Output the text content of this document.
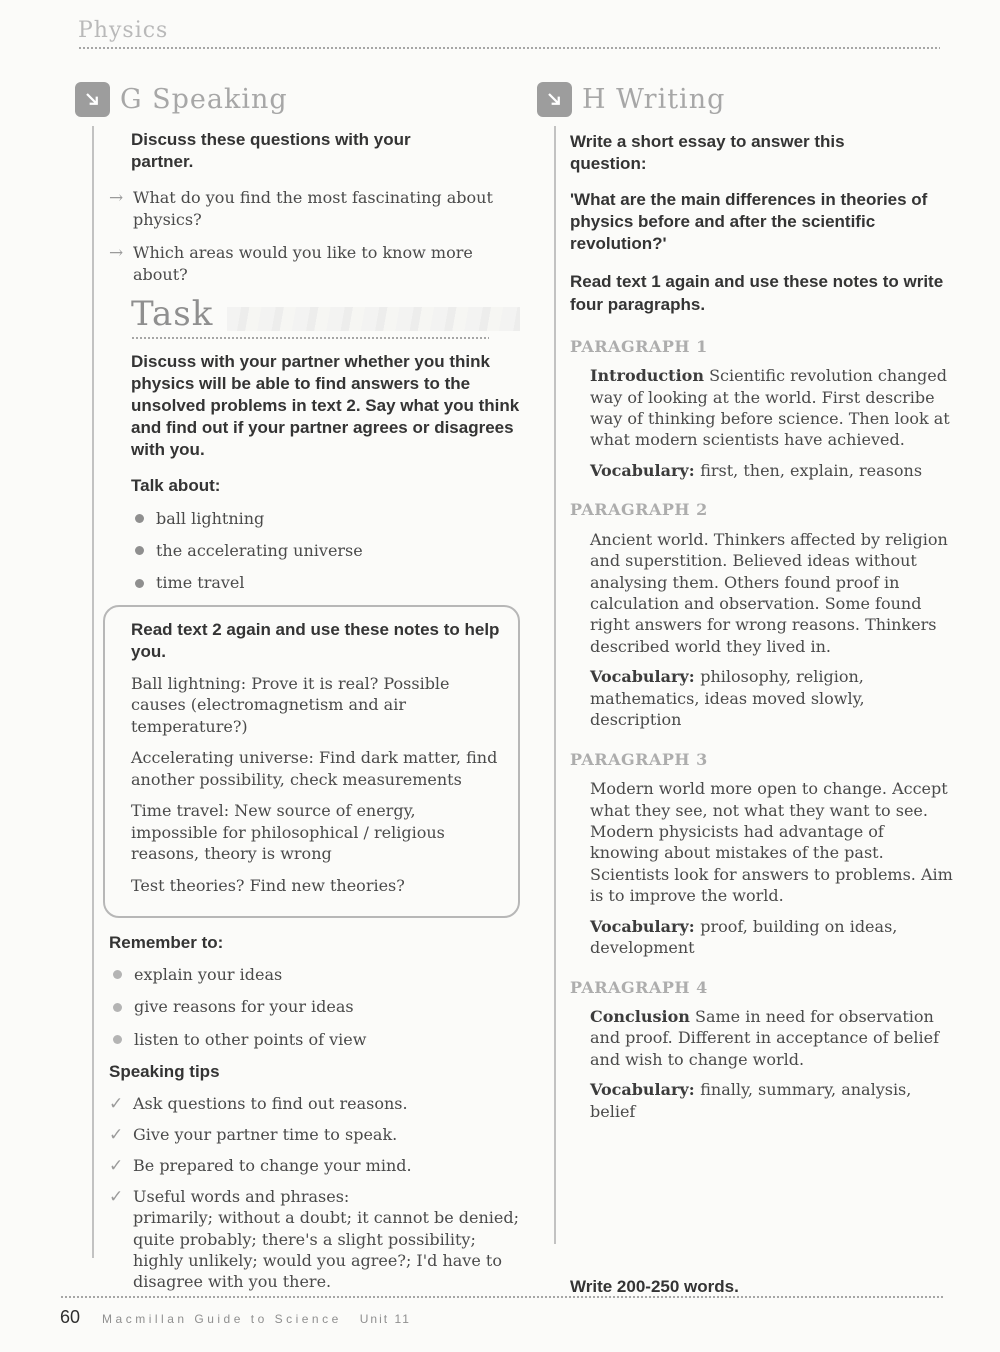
Physics
G Speaking

Discuss these questions with your partner.

→ What do you find the most fascinating about physics?
→ Which areas would you like to know more about?
Task

Discuss with your partner whether you think physics will be able to find answers to the unsolved problems in text 2. Say what you think and find out if your partner agrees or disagrees with you.

Talk about:

ball lightning
the accelerating universe
time travel

Read text 2 again and use these notes to help you.

Ball lightning: Prove it is real? Possible causes (electromagnetism and air temperature?)

Accelerating universe: Find dark matter, find another possibility, check measurements

Time travel: New source of energy, impossible for philosophical / religious reasons, theory is wrong

Test theories? Find new theories?

Remember to:

explain your ideas
give reasons for your ideas
listen to other points of view

Speaking tips

✓ Ask questions to find out reasons.
✓ Give your partner time to speak.
✓ Be prepared to change your mind.
✓ Useful words and phrases:
primarily; without a doubt; it cannot be denied; quite probably; there's a slight possibility; highly unlikely; would you agree?; I'd have to disagree with you there.
H Writing

Write a short essay to answer this question:

'What are the main differences in theories of physics before and after the scientific revolution?'

Read text 1 again and use these notes to write four paragraphs.

PARAGRAPH 1

Introduction Scientific revolution changed way of looking at the world. First describe way of thinking before science. Then look at what modern scientists have achieved.

Vocabulary: first, then, explain, reasons

PARAGRAPH 2

Ancient world. Thinkers affected by religion and superstition. Believed ideas without analysing them. Others found proof in calculation and observation. Some found right answers for wrong reasons. Thinkers described world they lived in.

Vocabulary: philosophy, religion, mathematics, ideas moved slowly, description

PARAGRAPH 3

Modern world more open to change. Accept what they see, not what they want to see. Modern physicists had advantage of knowing about mistakes of the past. Scientists look for answers to problems. Aim is to improve the world.

Vocabulary: proof, building on ideas, development

PARAGRAPH 4

Conclusion Same in need for observation and proof. Different in acceptance of belief and wish to change world.

Vocabulary: finally, summary, analysis, belief

Write 200-250 words.

60 Macmillan Guide to Science Unit 11
